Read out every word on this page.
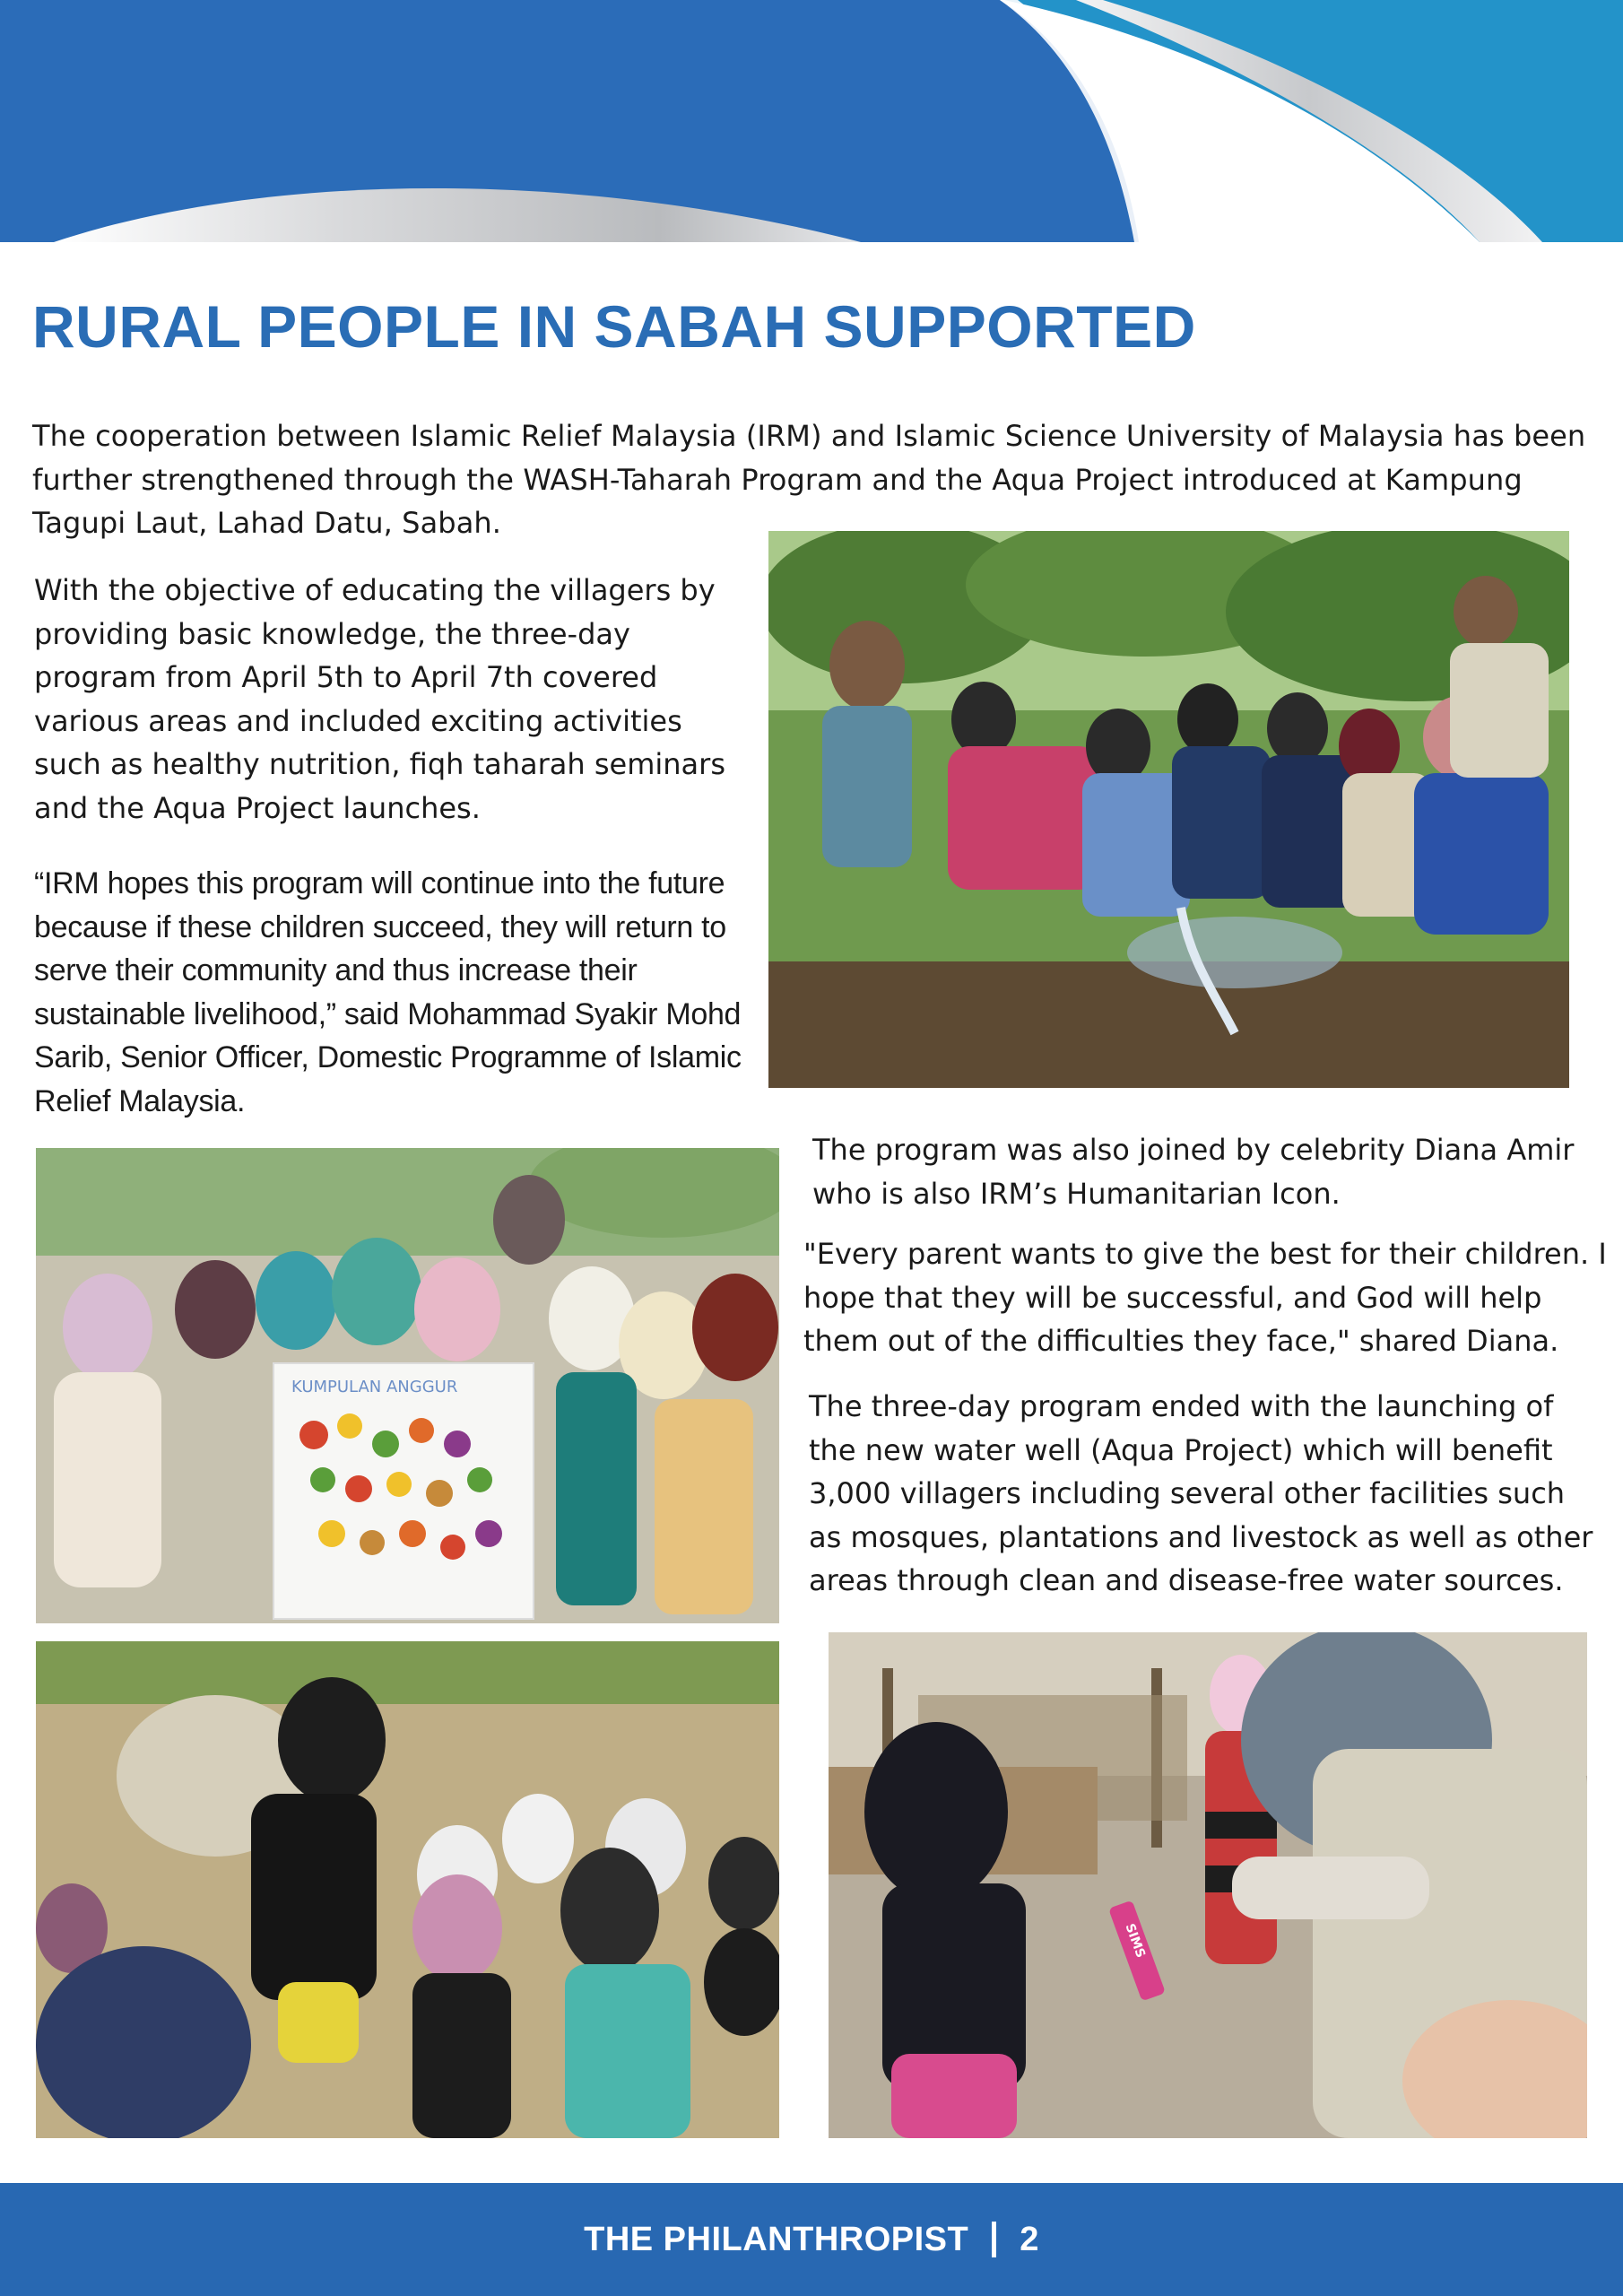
RURAL PEOPLE IN SABAH SUPPORTED

The cooperation between Islamic Relief Malaysia (IRM) and Islamic Science University of Malaysia has been further strengthened through the WASH-Taharah Program and the Aqua Project introduced at Kampung Tagupi Laut, Lahad Datu, Sabah.

With the objective of educating the villagers by providing basic knowledge, the three-day program from April 5th to April 7th covered various areas and included exciting activities such as healthy nutrition, fiqh taharah seminars and the Aqua Project launches.

“IRM hopes this program will continue into the future because if these children succeed, they will return to serve their community and thus increase their sustainable livelihood,” said Mohammad Syakir Mohd Sarib, Senior Officer, Domestic Programme of Islamic Relief Malaysia.

The program was also joined by celebrity Diana Amir who is also IRM’s Humanitarian Icon.

"Every parent wants to give the best for their children. I hope that they will be successful, and God will help them out of the difficulties they face," shared Diana.

The three-day program ended with the launching of the new water well (Aqua Project) which will benefit 3,000 villagers including several other facilities such as mosques, plantations and livestock as well as other areas through clean and disease-free water sources.

KUMPULAN ANGGUR
SIMS
THE PHILANTHROPIST 2
